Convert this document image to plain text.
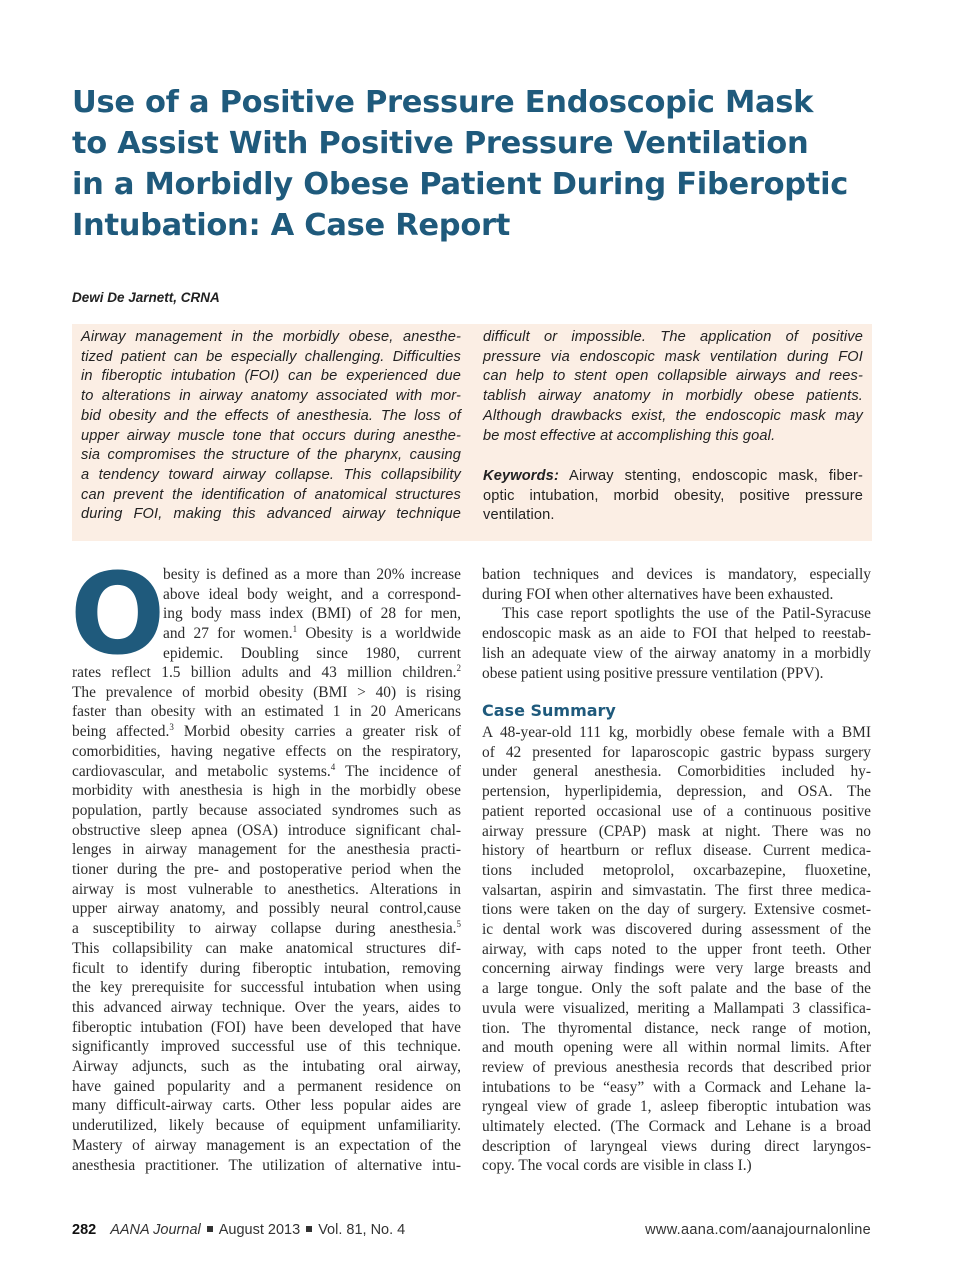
Use of a Positive Pressure Endoscopic Mask
to Assist With Positive Pressure Ventilation
in a Morbidly Obese Patient During Fiberoptic
Intubation: A Case Report
Dewi De Jarnett, CRNA
Airway management in the morbidly obese, anesthe-
tized patient can be especially challenging. Difficulties
in fiberoptic intubation (FOI) can be experienced due
to alterations in airway anatomy associated with mor-
bid obesity and the effects of anesthesia. The loss of
upper airway muscle tone that occurs during anesthe-
sia compromises the structure of the pharynx, causing
a tendency toward airway collapse. This collapsibility
can prevent the identification of anatomical structures
during FOI, making this advanced airway technique
difficult or impossible. The application of positive
pressure via endoscopic mask ventilation during FOI
can help to stent open collapsible airways and rees-
tablish airway anatomy in morbidly obese patients.
Although drawbacks exist, the endoscopic mask may
be most effective at accomplishing this goal.
Keywords: Airway stenting, endoscopic mask, fiber-
optic intubation, morbid obesity, positive pressure
ventilation.
O
besity is defined as a more than 20% increase
above ideal body weight, and a correspond-
ing body mass index (BMI) of 28 for men,
and 27 for women.$^1$ Obesity is a worldwide
epidemic. Doubling since 1980, current
rates reflect 1.5 billion adults and 43 million children.$^2$
The prevalence of morbid obesity (BMI > 40) is rising
faster than obesity with an estimated 1 in 20 Americans
being affected.$^3$ Morbid obesity carries a greater risk of
comorbidities, having negative effects on the respiratory,
cardiovascular, and metabolic systems.$^4$ The incidence of
morbidity with anesthesia is high in the morbidly obese
population, partly because associated syndromes such as
obstructive sleep apnea (OSA) introduce significant chal-
lenges in airway management for the anesthesia practi-
tioner during the pre- and postoperative period when the
airway is most vulnerable to anesthetics. Alterations in
upper airway anatomy, and possibly neural control,cause
a susceptibility to airway collapse during anesthesia.$^5$
This collapsibility can make anatomical structures dif-
ficult to identify during fiberoptic intubation, removing
the key prerequisite for successful intubation when using
this advanced airway technique. Over the years, aides to
fiberoptic intubation (FOI) have been developed that have
significantly improved successful use of this technique.
Airway adjuncts, such as the intubating oral airway,
have gained popularity and a permanent residence on
many difficult-airway carts. Other less popular aides are
underutilized, likely because of equipment unfamiliarity.
Mastery of airway management is an expectation of the
anesthesia practitioner. The utilization of alternative intu-
bation techniques and devices is mandatory, especially
during FOI when other alternatives have been exhausted.
This case report spotlights the use of the Patil-Syracuse
endoscopic mask as an aide to FOI that helped to reestab-
lish an adequate view of the airway anatomy in a morbidly
obese patient using positive pressure ventilation (PPV).
Case Summary
A 48-year-old 111 kg, morbidly obese female with a BMI
of 42 presented for laparoscopic gastric bypass surgery
under general anesthesia. Comorbidities included hy-
pertension, hyperlipidemia, depression, and OSA. The
patient reported occasional use of a continuous positive
airway pressure (CPAP) mask at night. There was no
history of heartburn or reflux disease. Current medica-
tions included metoprolol, oxcarbazepine, fluoxetine,
valsartan, aspirin and simvastatin. The first three medica-
tions were taken on the day of surgery. Extensive cosmet-
ic dental work was discovered during assessment of the
airway, with caps noted to the upper front teeth. Other
concerning airway findings were very large breasts and
a large tongue. Only the soft palate and the base of the
uvula were visualized, meriting a Mallampati 3 classifica-
tion. The thyromental distance, neck range of motion,
and mouth opening were all within normal limits. After
review of previous anesthesia records that described prior
intubations to be “easy” with a Cormack and Lehane la-
ryngeal view of grade 1, asleep fiberoptic intubation was
ultimately elected. (The Cormack and Lehane is a broad
description of laryngeal views during direct laryngos-
copy. The vocal cords are visible in class I.)
282 AANA Journal August 2013 Vol. 81, No. 4	www.aana.com/aanajournalonline
